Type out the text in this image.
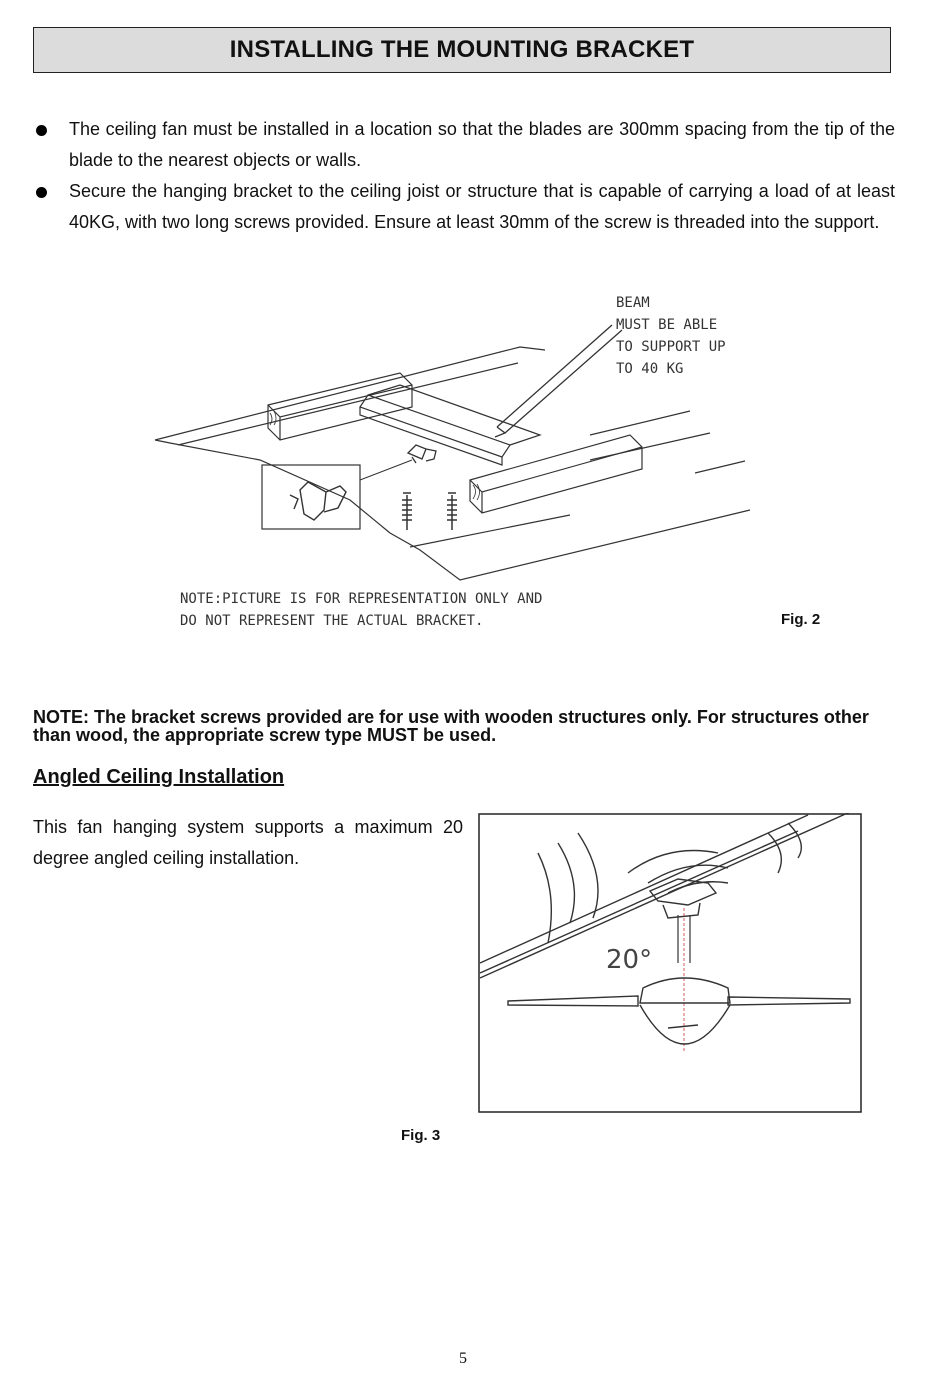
INSTALLING THE MOUNTING BRACKET
The ceiling fan must be installed in a location so that the blades are 300mm spacing from the tip of the blade to the nearest objects or walls.
Secure the hanging bracket to the ceiling joist or structure that is capable of carrying a load of at least 40KG, with two long screws provided. Ensure at least 30mm of the screw is threaded into the support.
BEAM
MUST BE ABLE
TO SUPPORT UP
TO 40 KG
NOTE:PICTURE IS FOR REPRESENTATION ONLY AND
DO NOT REPRESENT THE ACTUAL BRACKET.	Fig. 2
NOTE: The bracket screws provided are for use with wooden structures only. For structures other than wood, the appropriate screw type MUST be used.
Angled Ceiling Installation
This fan hanging system supports a maximum 20 degree angled ceiling installation.
20°
Fig. 3
5
